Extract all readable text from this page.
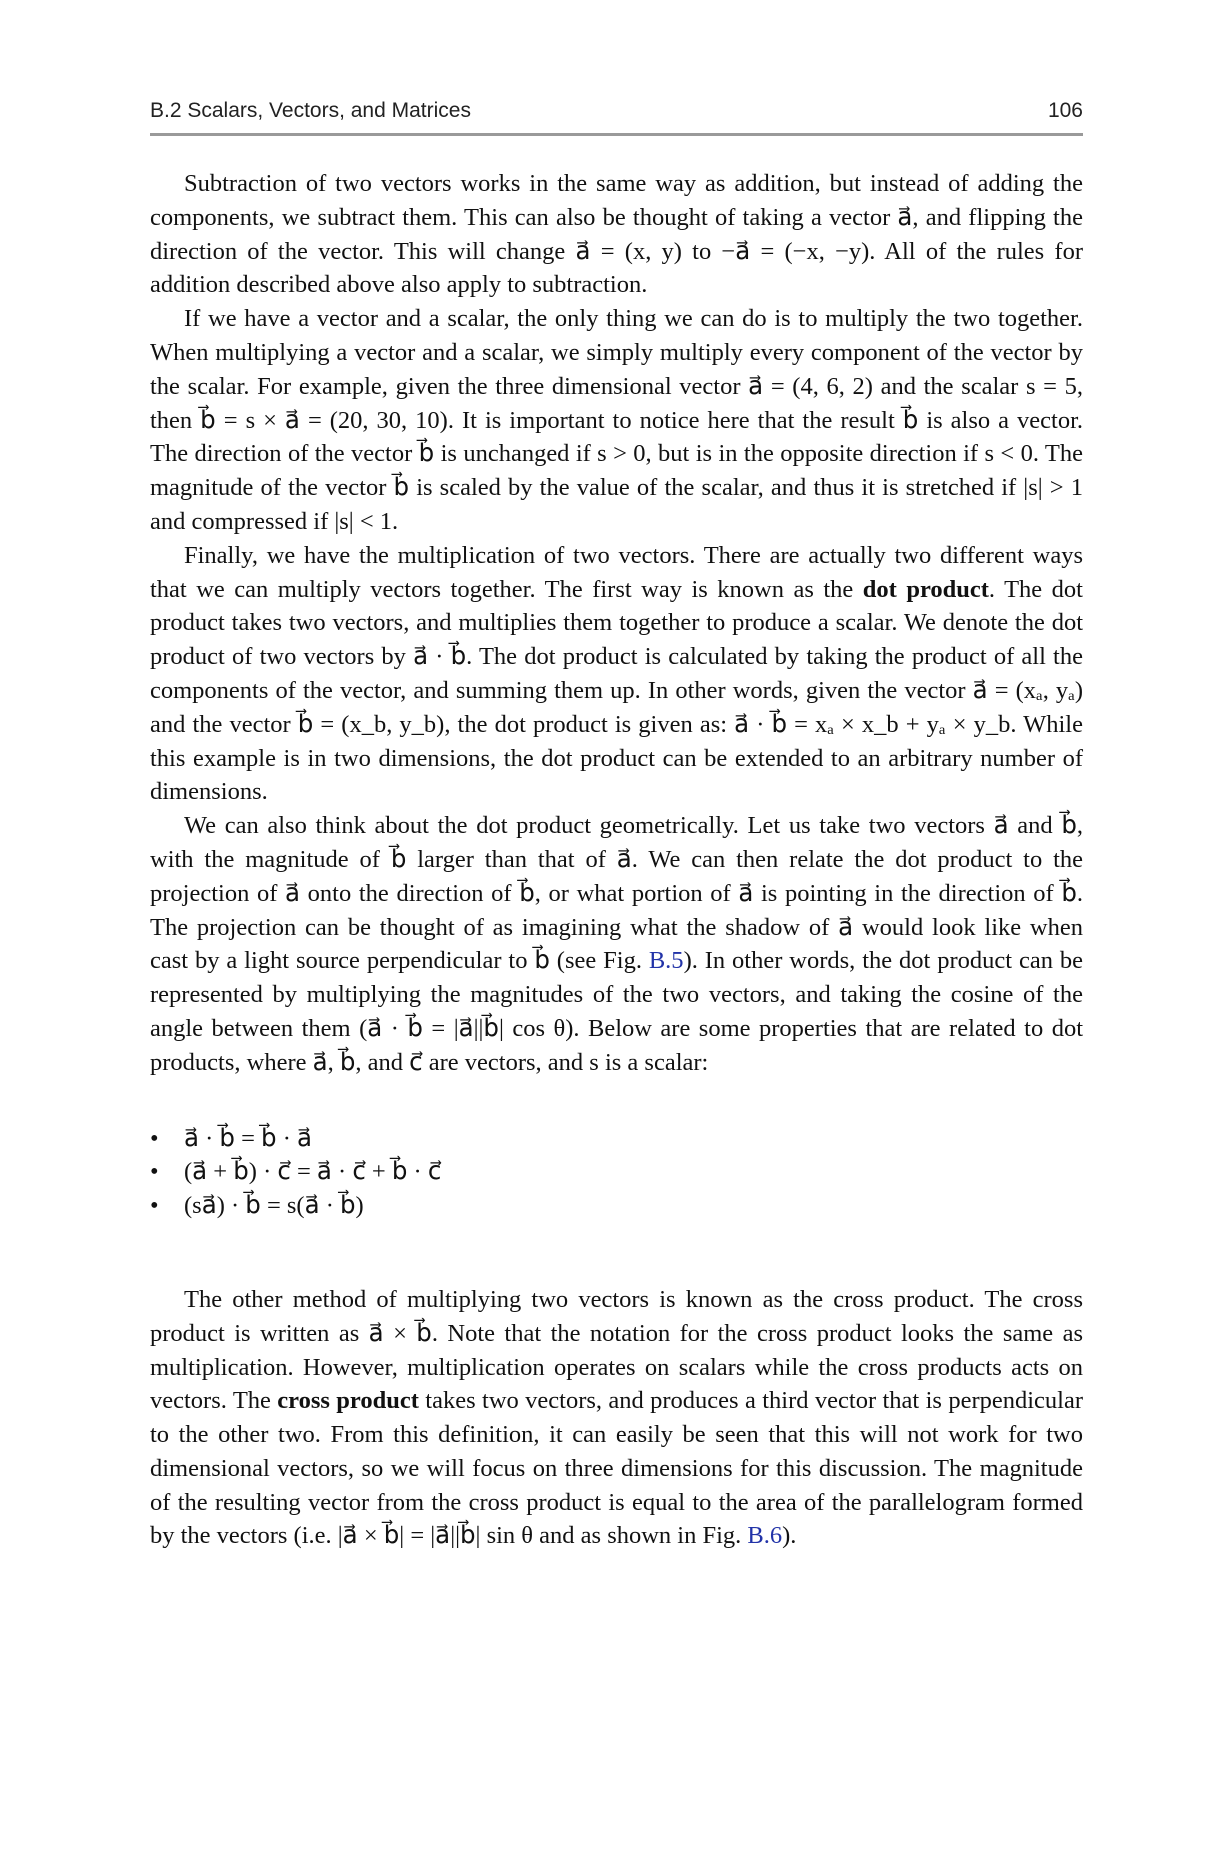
B.2 Scalars, Vectors, and Matrices	106

Subtraction of two vectors works in the same way as addition, but instead of adding the components, we subtract them. This can also be thought of taking a vector a⃗, and flipping the direction of the vector. This will change a⃗ = (x, y) to −a⃗ = (−x, −y). All of the rules for addition described above also apply to subtraction.

If we have a vector and a scalar, the only thing we can do is to multiply the two together. When multiplying a vector and a scalar, we simply multiply every component of the vector by the scalar. For example, given the three dimensional vector a⃗ = (4, 6, 2) and the scalar s = 5, then b⃗ = s × a⃗ = (20, 30, 10). It is important to notice here that the result b⃗ is also a vector. The direction of the vector b⃗ is unchanged if s > 0, but is in the opposite direction if s < 0. The magnitude of the vector b⃗ is scaled by the value of the scalar, and thus it is stretched if |s| > 1 and compressed if |s| < 1.

Finally, we have the multiplication of two vectors. There are actually two different ways that we can multiply vectors together. The first way is known as the dot product. The dot product takes two vectors, and multiplies them together to produce a scalar. We denote the dot product of two vectors by a⃗ · b⃗. The dot product is calculated by taking the product of all the components of the vector, and summing them up. In other words, given the vector a⃗ = (xₐ, yₐ) and the vector b⃗ = (x_b, y_b), the dot product is given as: a⃗ · b⃗ = xₐ × x_b + yₐ × y_b. While this example is in two dimensions, the dot product can be extended to an arbitrary number of dimensions.

We can also think about the dot product geometrically. Let us take two vectors a⃗ and b⃗, with the magnitude of b⃗ larger than that of a⃗. We can then relate the dot product to the projection of a⃗ onto the direction of b⃗, or what portion of a⃗ is pointing in the direction of b⃗. The projection can be thought of as imagining what the shadow of a⃗ would look like when cast by a light source perpendicular to b⃗ (see Fig. B.5). In other words, the dot product can be represented by multiplying the magnitudes of the two vectors, and taking the cosine of the angle between them (a⃗ · b⃗ = |a⃗||b⃗| cos θ). Below are some properties that are related to dot products, where a⃗, b⃗, and c⃗ are vectors, and s is a scalar:

• a⃗ · b⃗ = b⃗ · a⃗
• (a⃗ + b⃗) · c⃗ = a⃗ · c⃗ + b⃗ · c⃗
• (sa⃗) · b⃗ = s(a⃗ · b⃗)

The other method of multiplying two vectors is known as the cross product. The cross product is written as a⃗ × b⃗. Note that the notation for the cross product looks the same as multiplication. However, multiplication operates on scalars while the cross products acts on vectors. The cross product takes two vectors, and produces a third vector that is perpendicular to the other two. From this definition, it can easily be seen that this will not work for two dimensional vectors, so we will focus on three dimensions for this discussion. The magnitude of the resulting vector from the cross product is equal to the area of the parallelogram formed by the vectors (i.e. |a⃗ × b⃗| = |a⃗||b⃗| sin θ and as shown in Fig. B.6).
